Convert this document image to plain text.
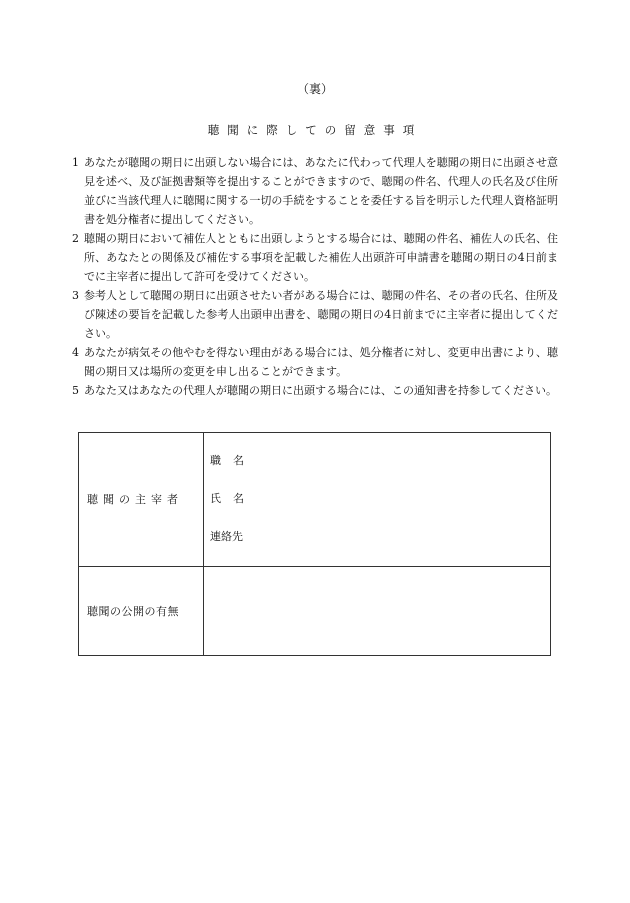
（裏）
聴聞に際しての留意事項
1 あなたが聴聞の期日に出頭しない場合には、あなたに代わって代理人を聴聞の期日に出頭させ意見を述べ、及び証拠書類等を提出することができますので、聴聞の件名、代理人の氏名及び住所並びに当該代理人に聴聞に関する一切の手続をすることを委任する旨を明示した代理人資格証明書を処分権者に提出してください。
2 聴聞の期日において補佐人とともに出頭しようとする場合には、聴聞の件名、補佐人の氏名、住所、あなたとの関係及び補佐する事項を記載した補佐人出頭許可申請書を聴聞の期日の4日前までに主宰者に提出して許可を受けてください。
3 参考人として聴聞の期日に出頭させたい者がある場合には、聴聞の件名、その者の氏名、住所及び陳述の要旨を記載した参考人出頭申出書を、聴聞の期日の4日前までに主宰者に提出してください。
4 あなたが病気その他やむを得ない理由がある場合には、処分権者に対し、変更申出書により、聴聞の期日又は場所の変更を申し出ることができます。
5 あなた又はあなたの代理人が聴聞の期日に出頭する場合には、この通知書を持参してください。
聴聞の主宰者	職名
氏名
連絡先

聴聞の公開の有無	
